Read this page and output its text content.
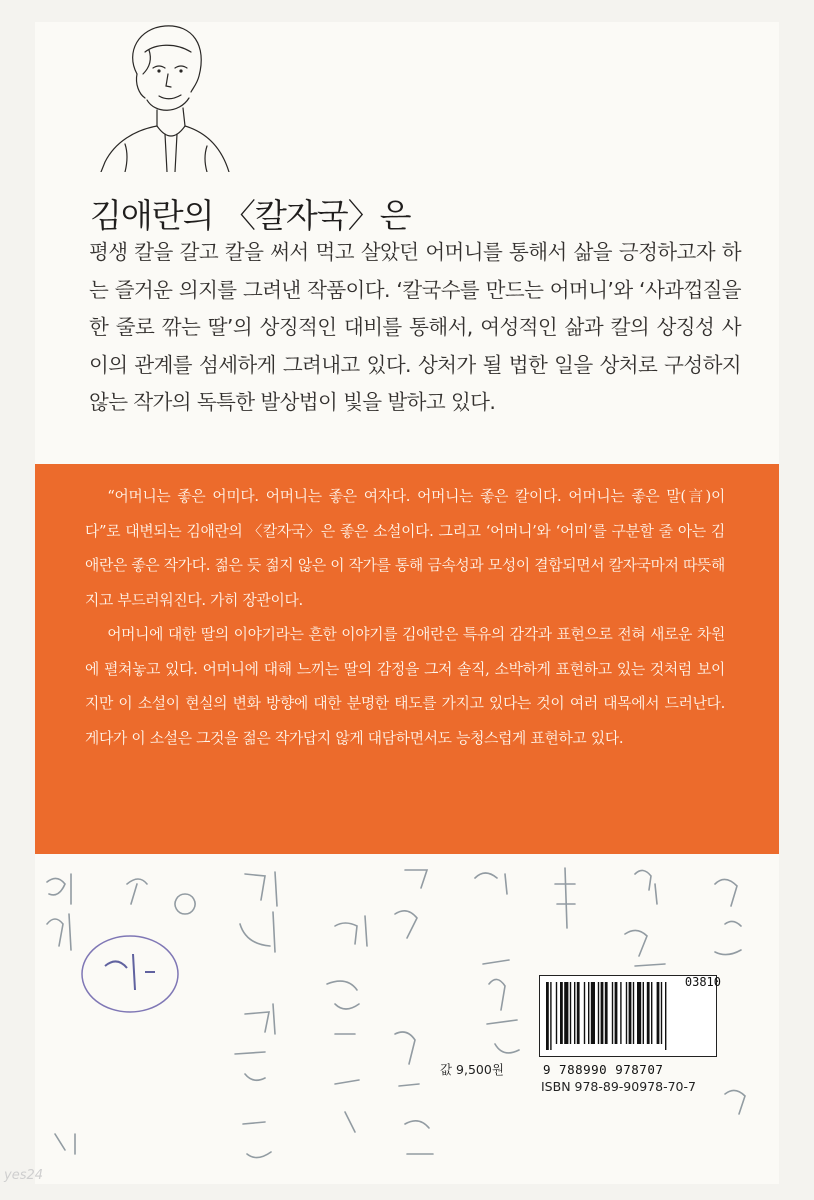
김애란의 〈칼자국〉은

평생 칼을 갈고 칼을 써서 먹고 살았던 어머니를 통해서 삶을 긍정하고자 하는 즐거운 의지를 그려낸 작품이다. ‘칼국수를 만드는 어머니’와 ‘사과껍질을 한 줄로 깎는 딸’의 상징적인 대비를 통해서, 여성적인 삶과 칼의 상징성 사이의 관계를 섬세하게 그려내고 있다. 상처가 될 법한 일을 상처로 구성하지 않는 작가의 독특한 발상법이 빛을 발하고 있다.

“어머니는 좋은 어미다. 어머니는 좋은 여자다. 어머니는 좋은 칼이다. 어머니는 좋은 말(言)이다”로 대변되는 김애란의 〈칼자국〉은 좋은 소설이다. 그리고 ‘어머니’와 ‘어미’를 구분할 줄 아는 김애란은 좋은 작가다. 젊은 듯 젊지 않은 이 작가를 통해 금속성과 모성이 결합되면서 칼자국마저 따뜻해지고 부드러워진다. 가히 장관이다.

어머니에 대한 딸의 이야기라는 흔한 이야기를 김애란은 특유의 감각과 표현으로 전혀 새로운 차원에 펼쳐놓고 있다. 어머니에 대해 느끼는 딸의 감정을 그저 솔직, 소박하게 표현하고 있는 것처럼 보이지만 이 소설이 현실의 변화 방향에 대한 분명한 태도를 가지고 있다는 것이 여러 대목에서 드러난다. 게다가 이 소설은 그것을 젊은 작가답지 않게 대담하면서도 능청스럽게 표현하고 있다.

03810
9 788990 978707
값 9,500원
ISBN 978-89-90978-70-7
yes24
